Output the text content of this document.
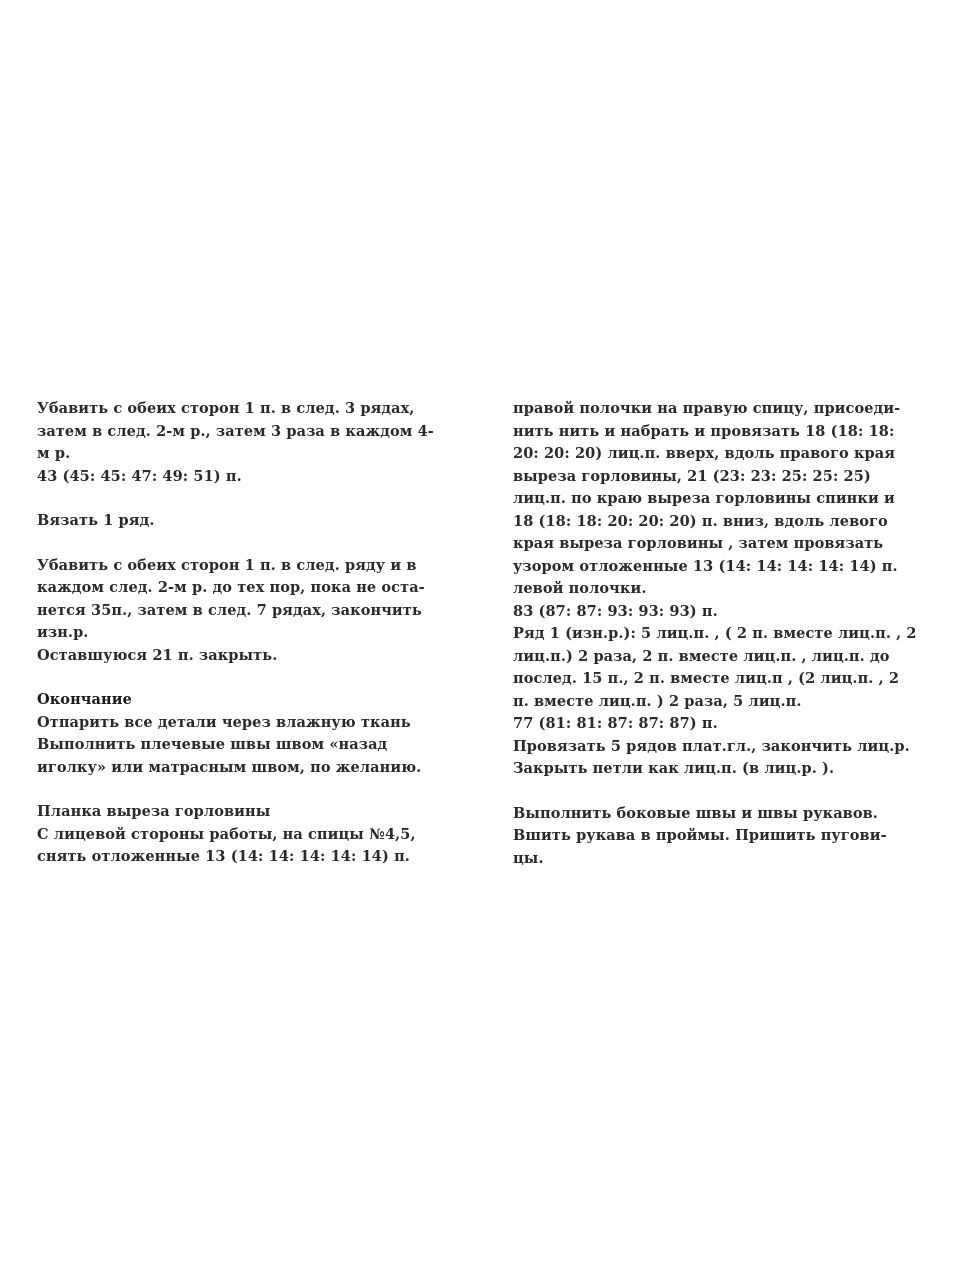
Убавить с обеих сторон 1 п. в след. 3 рядах,
затем в след. 2-м р., затем 3 раза в каждом 4-
м р.
43 (45: 45: 47: 49: 51) п.
Вязать 1 ряд.
Убавить с обеих сторон 1 п. в след. ряду и в
каждом след. 2-м р. до тех пор, пока не оста-
нется 35п., затем в след. 7 рядах, закончить
изн.р.
Оставшуюся 21 п. закрыть.
Окончание
Отпарить все детали через влажную ткань
Выполнить плечевые швы швом «назад
иголку» или матрасным швом, по желанию.
Планка выреза горловины
С лицевой стороны работы, на спицы №4,5,
снять отложенные 13 (14: 14: 14: 14: 14) п.
правой полочки на правую спицу, присоеди-
нить нить и набрать и провязать 18 (18: 18:
20: 20: 20) лиц.п. вверх, вдоль правого края
выреза горловины, 21 (23: 23: 25: 25: 25)
лиц.п. по краю выреза горловины спинки и
18 (18: 18: 20: 20: 20) п. вниз, вдоль левого
края выреза горловины , затем провязать
узором отложенные 13 (14: 14: 14: 14: 14) п.
левой полочки.
83 (87: 87: 93: 93: 93) п.
Ряд 1 (изн.р.): 5 лиц.п. , ( 2 п. вместе лиц.п. , 2
лиц.п.) 2 раза, 2 п. вместе лиц.п. , лиц.п. до
послед. 15 п., 2 п. вместе лиц.п , (2 лиц.п. , 2
п. вместе лиц.п. ) 2 раза, 5 лиц.п.
77 (81: 81: 87: 87: 87) п.
Провязать 5 рядов плат.гл., закончить лиц.р.
Закрыть петли как лиц.п. (в лиц.р. ).
Выполнить боковые швы и швы рукавов.
Вшить рукава в проймы. Пришить пугови-
цы.
